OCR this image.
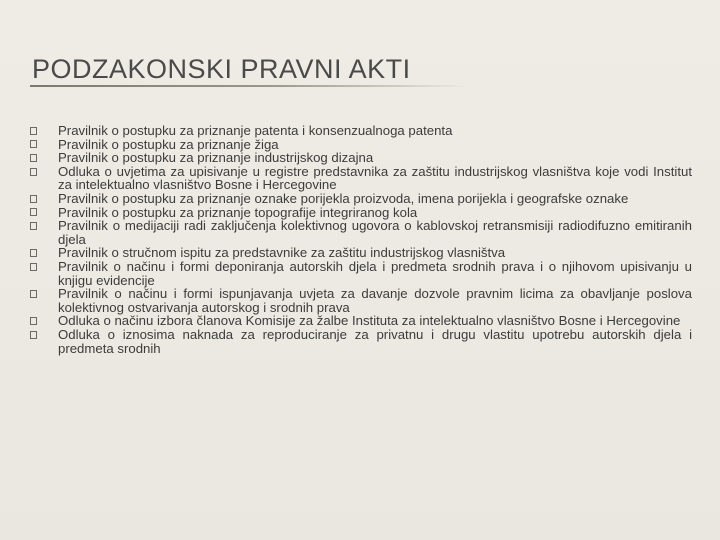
PODZAKONSKI PRAVNI AKTI
Pravilnik o postupku za priznanje patenta i konsenzualnoga patenta
Pravilnik o postupku za priznanje žiga
Pravilnik o postupku za priznanje industrijskog dizajna
Odluka o uvjetima za upisivanje u registre predstavnika za zaštitu industrijskog vlasništva koje vodi Institut za intelektualno vlasništvo Bosne i Hercegovine
Pravilnik o postupku za priznanje oznake porijekla proizvoda, imena porijekla i geografske oznake
Pravilnik o postupku za priznanje topografije integriranog kola
Pravilnik o medijaciji radi zaključenja kolektivnog ugovora o kablovskoj retransmisiji radiodifuzno emitiranih djela
Pravilnik o stručnom ispitu za predstavnike za zaštitu industrijskog vlasništva
Pravilnik o načinu i formi deponiranja autorskih djela i predmeta srodnih prava i o njihovom upisivanju u knjigu evidencije
Pravilnik o načinu i formi ispunjavanja uvjeta za davanje dozvole pravnim licima za obavljanje poslova kolektivnog ostvarivanja autorskog i srodnih prava
Odluka o načinu izbora članova Komisije za žalbe Instituta za intelektualno vlasništvo Bosne i Hercegovine
Odluka o iznosima naknada za reproduciranje za privatnu i drugu vlastitu upotrebu autorskih djela i predmeta srodnih
